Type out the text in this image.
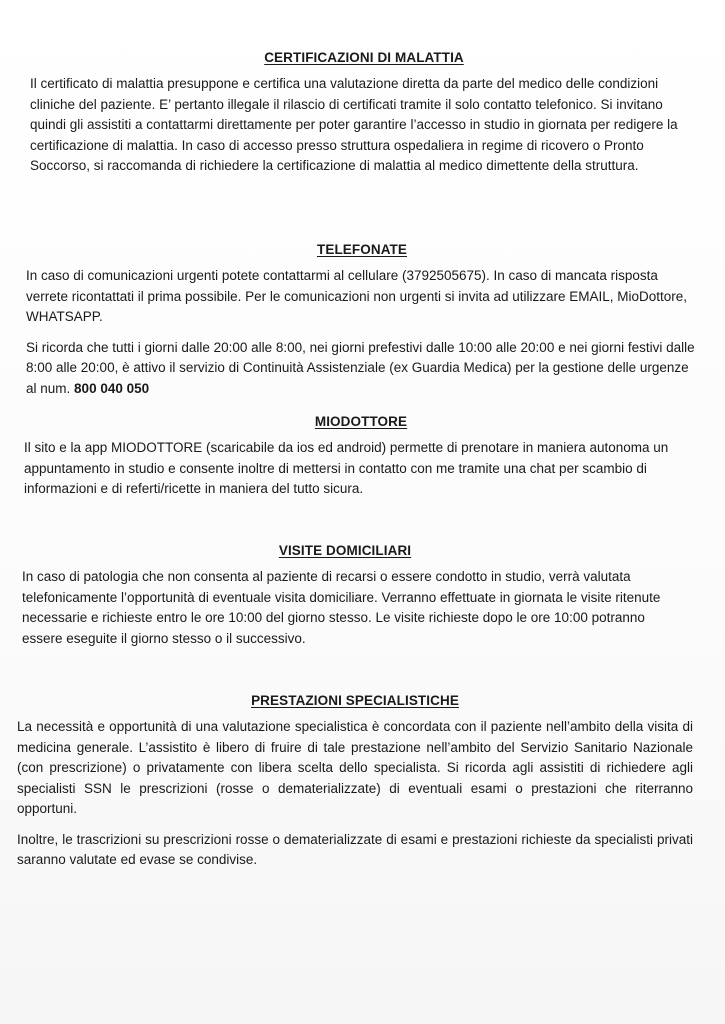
CERTIFICAZIONI DI MALATTIA

Il certificato di malattia presuppone e certifica una valutazione diretta da parte del medico delle condizioni cliniche del paziente. E’ pertanto illegale il rilascio di certificati tramite il solo contatto telefonico. Si invitano quindi gli assistiti a contattarmi direttamente per poter garantire l’accesso in studio in giornata per redigere la certificazione di malattia. In caso di accesso presso struttura ospedaliera in regime di ricovero o Pronto Soccorso, si raccomanda di richiedere la certificazione di malattia al medico dimettente della struttura.

TELEFONATE

In caso di comunicazioni urgenti potete contattarmi al cellulare (3792505675). In caso di mancata risposta verrete ricontattati il prima possibile. Per le comunicazioni non urgenti si invita ad utilizzare EMAIL, MioDottore, WHATSAPP.

Si ricorda che tutti i giorni dalle 20:00 alle 8:00, nei giorni prefestivi dalle 10:00 alle 20:00 e nei giorni festivi dalle 8:00 alle 20:00, è attivo il servizio di Continuità Assistenziale (ex Guardia Medica) per la gestione delle urgenze al num. 800 040 050

MIODOTTORE

Il sito e la app MIODOTTORE (scaricabile da ios ed android) permette di prenotare in maniera autonoma un appuntamento in studio e consente inoltre di mettersi in contatto con me tramite una chat per scambio di informazioni e di referti/ricette in maniera del tutto sicura.

VISITE DOMICILIARI

In caso di patologia che non consenta al paziente di recarsi o essere condotto in studio, verrà valutata telefonicamente l’opportunità di eventuale visita domiciliare. Verranno effettuate in giornata le visite ritenute necessarie e richieste entro le ore 10:00 del giorno stesso. Le visite richieste dopo le ore 10:00 potranno essere eseguite il giorno stesso o il successivo.

PRESTAZIONI SPECIALISTICHE

La necessità e opportunità di una valutazione specialistica è concordata con il paziente nell’ambito della visita di medicina generale. L’assistito è libero di fruire di tale prestazione nell’ambito del Servizio Sanitario Nazionale (con prescrizione) o privatamente con libera scelta dello specialista. Si ricorda agli assistiti di richiedere agli specialisti SSN le prescrizioni (rosse o dematerializzate) di eventuali esami o prestazioni che riterranno opportuni.

Inoltre, le trascrizioni su prescrizioni rosse o dematerializzate di esami e prestazioni richieste da specialisti privati saranno valutate ed evase se condivise.
